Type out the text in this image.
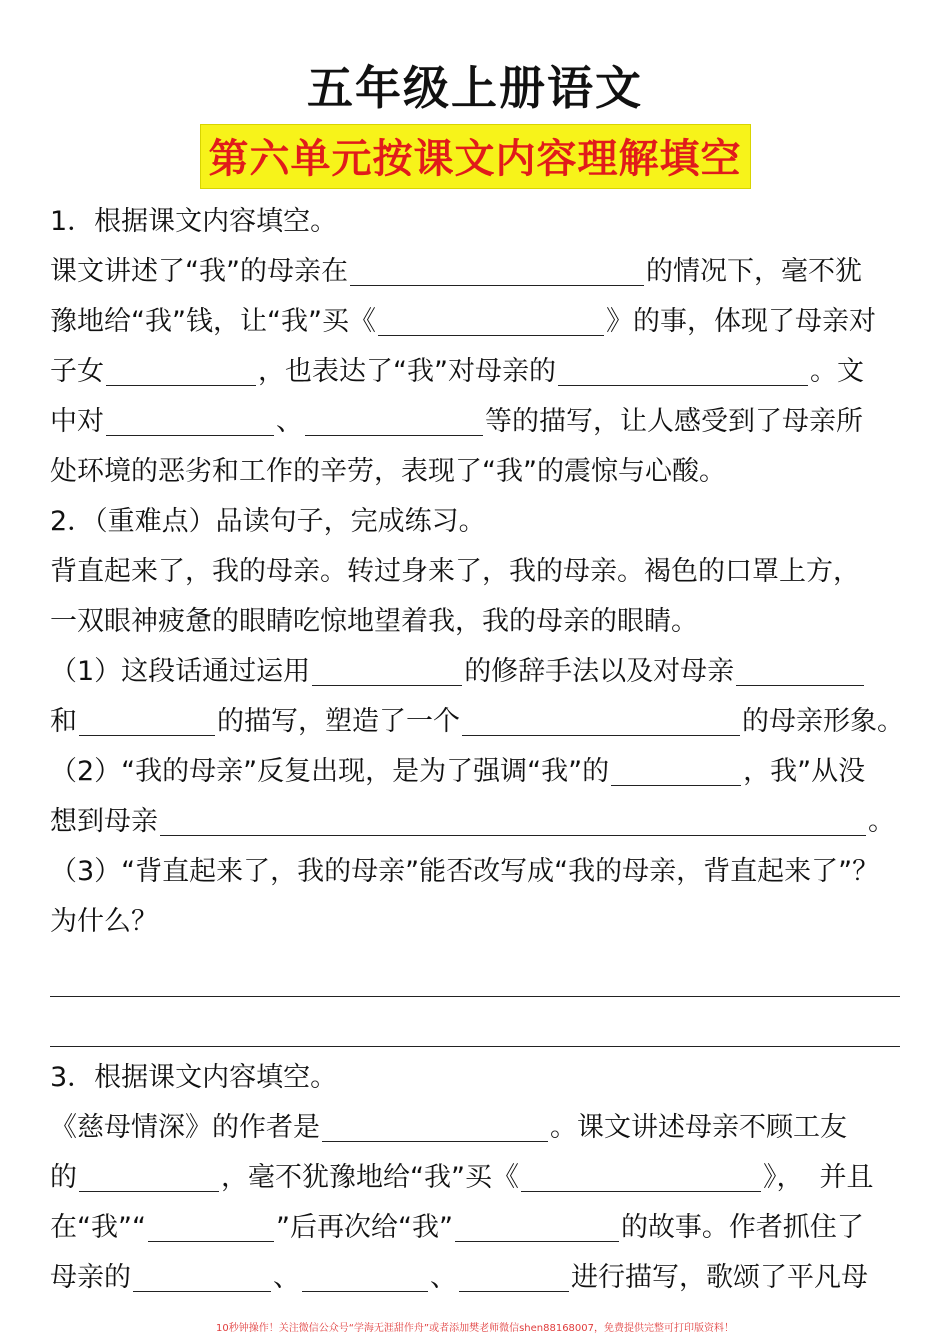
五年级上册语文
第六单元按课文内容理解填空

1．根据课文内容填空。

课文讲述了“我”的母亲在	的情况下，毫不犹

豫地给“我”钱，让“我”买《	》的事，体现了母亲对

子女	，也表达了“我”对母亲的	。文

中对	、	等的描写，让人感受到了母亲所

处环境的恶劣和工作的辛劳，表现了“我”的震惊与心酸。

2．（重难点）品读句子，完成练习。

背直起来了，我的母亲。转过身来了，我的母亲。褐色的口罩上方，

一双眼神疲惫的眼睛吃惊地望着我，我的母亲的眼睛。

（1）这段话通过运用	的修辞手法以及对母亲

和	的描写，塑造了一个	的母亲形象。

（2）“我的母亲”反复出现，是为了强调“我”的	，我”从没

想到母亲	。

（3）“背直起来了，我的母亲”能否改写成“我的母亲，背直起来了”？

为什么？

3．根据课文内容填空。

《慈母情深》的作者是	。课文讲述母亲不顾工友

的	，毫不犹豫地给“我”买《	》， 并且

在“我”“	”后再次给“我”	的故事。作者抓住了

母亲的	、	、	进行描写，歌颂了平凡母

10秒钟操作！关注微信公众号“学海无涯甜作舟”或者添加樊老师微信shen88168007，免费提供完整可打印版资料！
